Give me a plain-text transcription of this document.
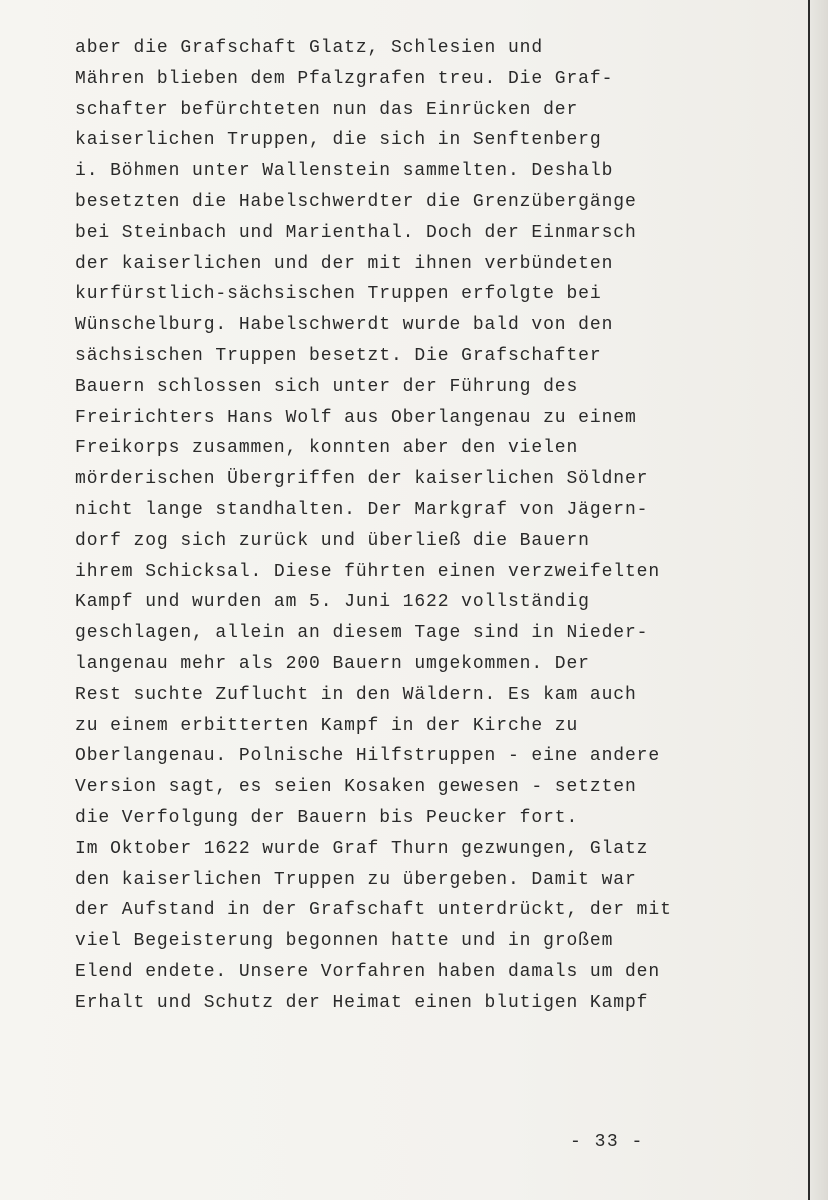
aber die Grafschaft Glatz, Schlesien und
Mähren blieben dem Pfalzgrafen treu. Die Graf-
schafter befürchteten nun das Einrücken der
kaiserlichen Truppen, die sich in Senftenberg
i. Böhmen unter Wallenstein sammelten. Deshalb
besetzten die Habelschwerdter die Grenzübergänge
bei Steinbach und Marienthal. Doch der Einmarsch
der kaiserlichen und der mit ihnen verbündeten
kurfürstlich-sächsischen Truppen erfolgte bei
Wünschelburg. Habelschwerdt wurde bald von den
sächsischen Truppen besetzt. Die Grafschafter
Bauern schlossen sich unter der Führung des
Freirichters Hans Wolf aus Oberlangenau zu einem
Freikorps zusammen, konnten aber den vielen
mörderischen Übergriffen der kaiserlichen Söldner
nicht lange standhalten. Der Markgraf von Jägern-
dorf zog sich zurück und überließ die Bauern
ihrem Schicksal. Diese führten einen verzweifelten
Kampf und wurden am 5. Juni 1622 vollständig
geschlagen, allein an diesem Tage sind in Nieder-
langenau mehr als 200 Bauern umgekommen. Der
Rest suchte Zuflucht in den Wäldern. Es kam auch
zu einem erbitterten Kampf in der Kirche zu
Oberlangenau. Polnische Hilfstruppen - eine andere
Version sagt, es seien Kosaken gewesen - setzten
die Verfolgung der Bauern bis Peucker fort.
Im Oktober 1622 wurde Graf Thurn gezwungen, Glatz
den kaiserlichen Truppen zu übergeben. Damit war
der Aufstand in der Grafschaft unterdrückt, der mit
viel Begeisterung begonnen hatte und in großem
Elend endete. Unsere Vorfahren haben damals um den
Erhalt und Schutz der Heimat einen blutigen Kampf
- 33 -
